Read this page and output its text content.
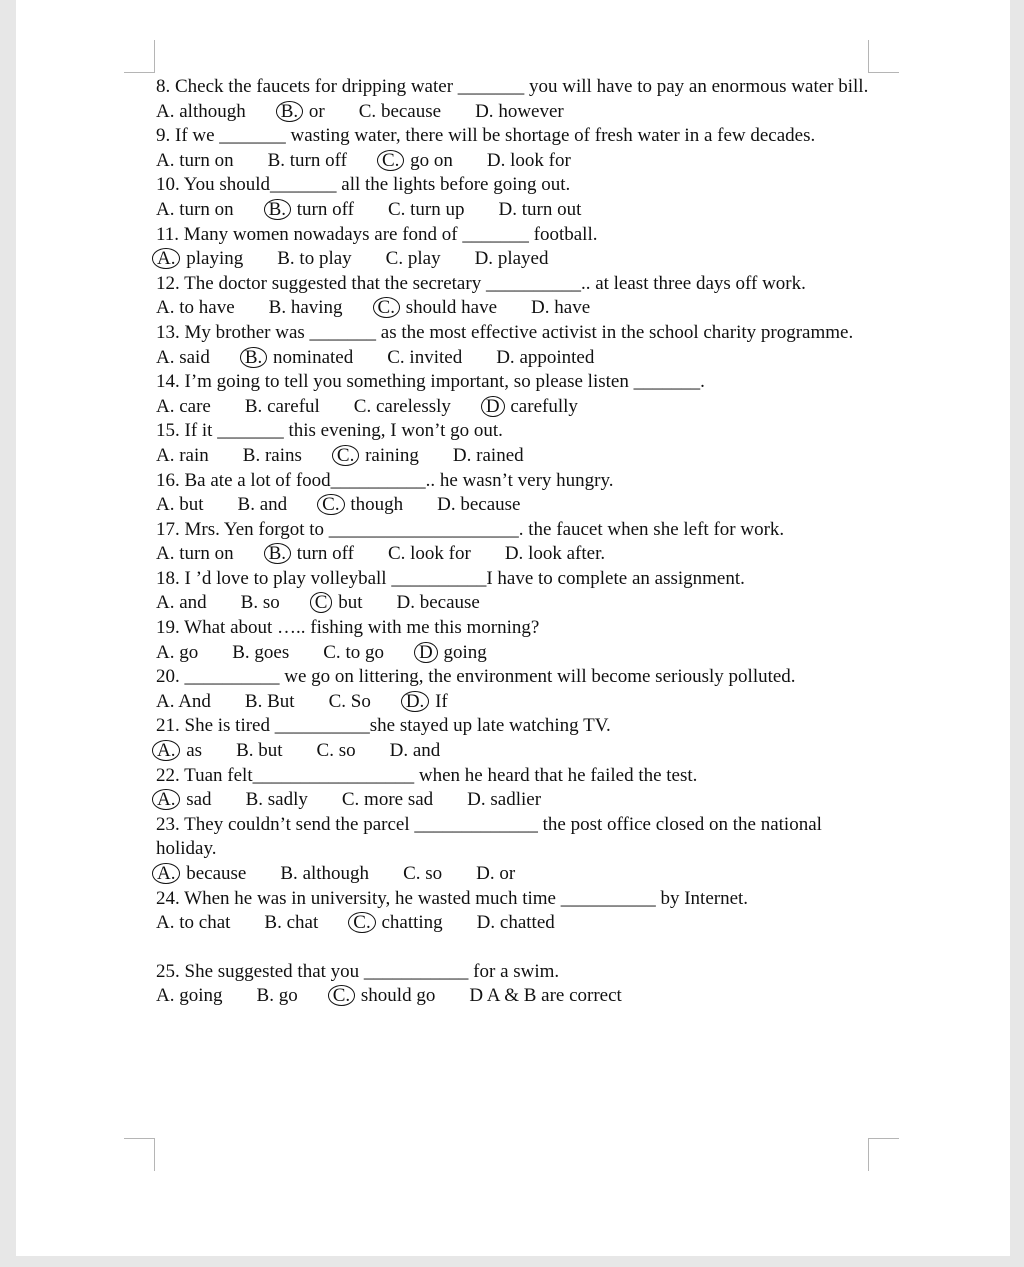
8. Check the faucets for dripping water _______ you will have to pay an enormous water bill.
A. although B. or C. because D. however
9. If we _______ wasting water, there will be shortage of fresh water in a few decades.
A. turn on B. turn off C. go on D. look for
10. You should_______ all the lights before going out.
A. turn on B. turn off C. turn up D. turn out
11. Many women nowadays are fond of _______ football.
A. playing B. to play C. play D. played
12. The doctor suggested that the secretary __________.. at least three days off work.
A. to have B. having C. should have D. have
13. My brother was _______ as the most effective activist in the school charity programme.
A. said B. nominated C. invited D. appointed
14. I’m going to tell you something important, so please listen _______.
A. care B. careful C. carelessly D carefully
15. If it _______ this evening, I won’t go out.
A. rain B. rains C. raining D. rained
16. Ba ate a lot of food__________.. he wasn’t very hungry.
A. but B. and C. though D. because
17. Mrs. Yen forgot to ____________________. the faucet when she left for work.
A. turn on B. turn off C. look for D. look after.
18. I ’d love to play volleyball __________I have to complete an assignment.
A. and B. so C but D. because
19. What about ….. fishing with me this morning?
A. go B. goes C. to go D going
20. __________ we go on littering, the environment will become seriously polluted.
A. And B. But C. So D. If
21. She is tired __________she stayed up late watching TV.
A. as B. but C. so D. and
22. Tuan felt_________________ when he heard that he failed the test.
A. sad B. sadly C. more sad D. sadlier
23. They couldn’t send the parcel _____________ the post office closed on the national holiday.
A. because B. although C. so D. or
24. When he was in university, he wasted much time __________ by Internet.
A. to chat B. chat C. chatting D. chatted
25. She suggested that you ___________ for a swim.
A. going B. go C. should go D A & B are correct
